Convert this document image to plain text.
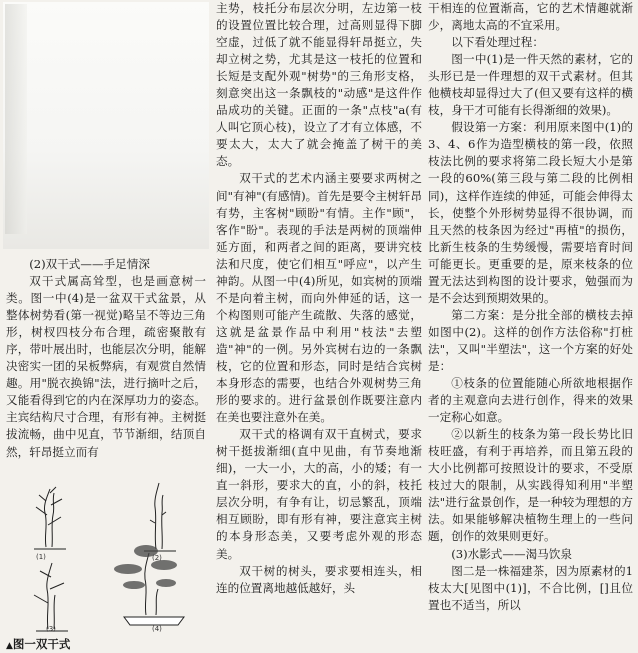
(2)双干式——手足情深

双干式属高耸型，也是画意树一类。图一中(4)是一盆双干式盆景，从整体树势看(第一视觉)略呈不等边三角形，树杈四枝分布合理，疏密聚散有序，带叶展出时，也能层次分明，能解决密实一团的呆板弊病，有观赏自然情趣。用"脱衣换锦"法，进行摘叶之后，又能看得到它的内在深厚功力的姿态。主宾结构尺寸合理，有形有神。主树挺拔流畅，曲中见直，节节渐细，结顶自然，轩昂挺立而有

(1)	(2)
(3)	(4)
▲图一双干式

主势，枝托分布层次分明，左边第一枝的设置位置比较合理，过高则显得下脚空虚，过低了就不能显得轩昂挺立，失却立树之势，尤其是这一枝托的位置和长短是支配外观"树势"的三角形支格，刻意突出这一条飘枝的"动感"是这件作品成功的关键。正面的一条"点枝"a(有人叫它顶心枝)，设立了才有立体感，不要太大，太大了就会掩盖了树干的美态。

双干式的艺术内涵主要要求两树之间"有神"(有感情)。首先是要令主树轩昂有势，主客树"顾盼"有情。主作"顾"，客作"盼"。表现的手法是两树的顶端伸延方面，和两者之间的距离，要讲究枝法和尺度，使它们相互"呼应"，以产生神韵。从图一中(4)所见，如宾树的顶端不是向着主树，而向外伸延的话，这一个构图则可能产生疏散、失落的感觉，这就是盆景作品中利用"枝法"去塑造"神"的一例。另外宾树右边的一条飘枝，它的位置和形态，同时是结合宾树本身形态的需要，也结合外观树势三角形的要求的。进行盆景创作既要注意内在美也要注意外在美。

双干式的格调有双干直树式，要求树干挺拔渐细(直中见曲，有节奏地渐细)，一大一小，大的高，小的矮；有一直一斜形，要求大的直，小的斜，枝托层次分明，有争有让，切忌繁乱，顶端相互顾盼，即有形有神，要注意宾主树的本身形态美，又要考虑外观的形态美。

双干树的树头，要求要相连头，相连的位置离地越低越好，头

干相连的位置渐高，它的艺术情趣就渐少，离地太高的不宜采用。

以下看处理过程：

图一中(1)是一件天然的素材，它的头形已是一件理想的双干式素材。但其他横枝却显得过大了(但又要有这样的横枝，身干才可能有长得渐细的效果)。

假设第一方案：利用原来图中(1)的3、4、6作为造型横枝的第一段，依照枝法比例的要求将第二段长短大小是第一段的60%(第三段与第二段的比例相同)，这样作连续的伸延，可能会伸得太长，使整个外形树势显得不很协调，而且天然的枝条因为经过"再植"的损伤，比新生枝条的生势缓慢，需要培育时间可能更长。更重要的是，原来枝条的位置无法达到构图的设计要求，勉强而为是不会达到预期效果的。

第二方案：是分批全部的横枝去掉如图中(2)。这样的创作方法俗称"打桩法"，又叫"半塑法"，这一个方案的好处是：

①枝条的位置能随心所欲地根据作者的主观意向去进行创作，得来的效果一定称心如意。

②以新生的枝条为第一段长势比旧枝旺盛，有利于再培养，而且第五段的大小比例都可按照设计的要求，不受原枝过大的限制，从实践得知利用"半塑法"进行盆景创作，是一种较为理想的方法。如果能够解决植物生理上的一些问题，创作的效果则更好。

(3)水影式——渴马饮泉

图二是一株福建茶，因为原素材的1枝太大[见图中(1)]，不合比例，[]且位置也不适当，所以
